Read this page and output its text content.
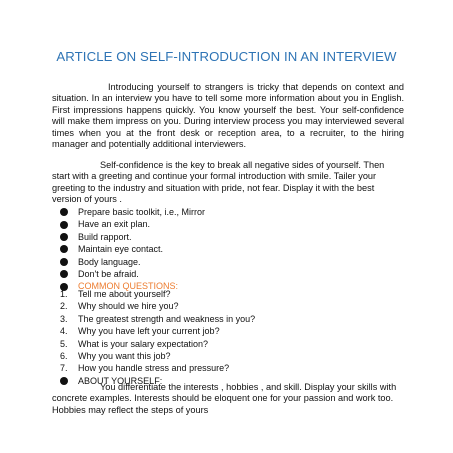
ARTICLE ON SELF-INTRODUCTION IN AN INTERVIEW
Introducing yourself to strangers is tricky that depends on context and situation. In an interview you have to tell some more information about you in English. First impressions happens quickly. You know yourself the best. Your self-confidence will make them impress on you. During interview process you may interviewed several times when you at the front desk or reception area, to a recruiter, to the hiring manager and potentially additional interviewers.
Self-confidence is the key to break all negative sides of yourself. Then start with a greeting and continue your formal introduction with smile. Tailer your greeting to the industry and situation with pride, not fear. Display it with the best version of yours .
Prepare basic toolkit, i.e., Mirror
Have an exit plan.
Build rapport.
Maintain eye contact.
Body language.
Don't be afraid.
COMMON QUESTIONS:
1.	Tell me about yourself?
2.	Why should we hire you?
3.	The greatest strength and weakness in you?
4.	Why you have left your current job?
5.	What is your salary expectation?
6.	Why you want this job?
7.	How you handle stress and pressure?
ABOUT YOURSELF:
You differentiate the interests , hobbies , and skill. Display your skills with concrete examples. Interests should be eloquent one for your passion and work too. Hobbies may reflect the steps of yours
